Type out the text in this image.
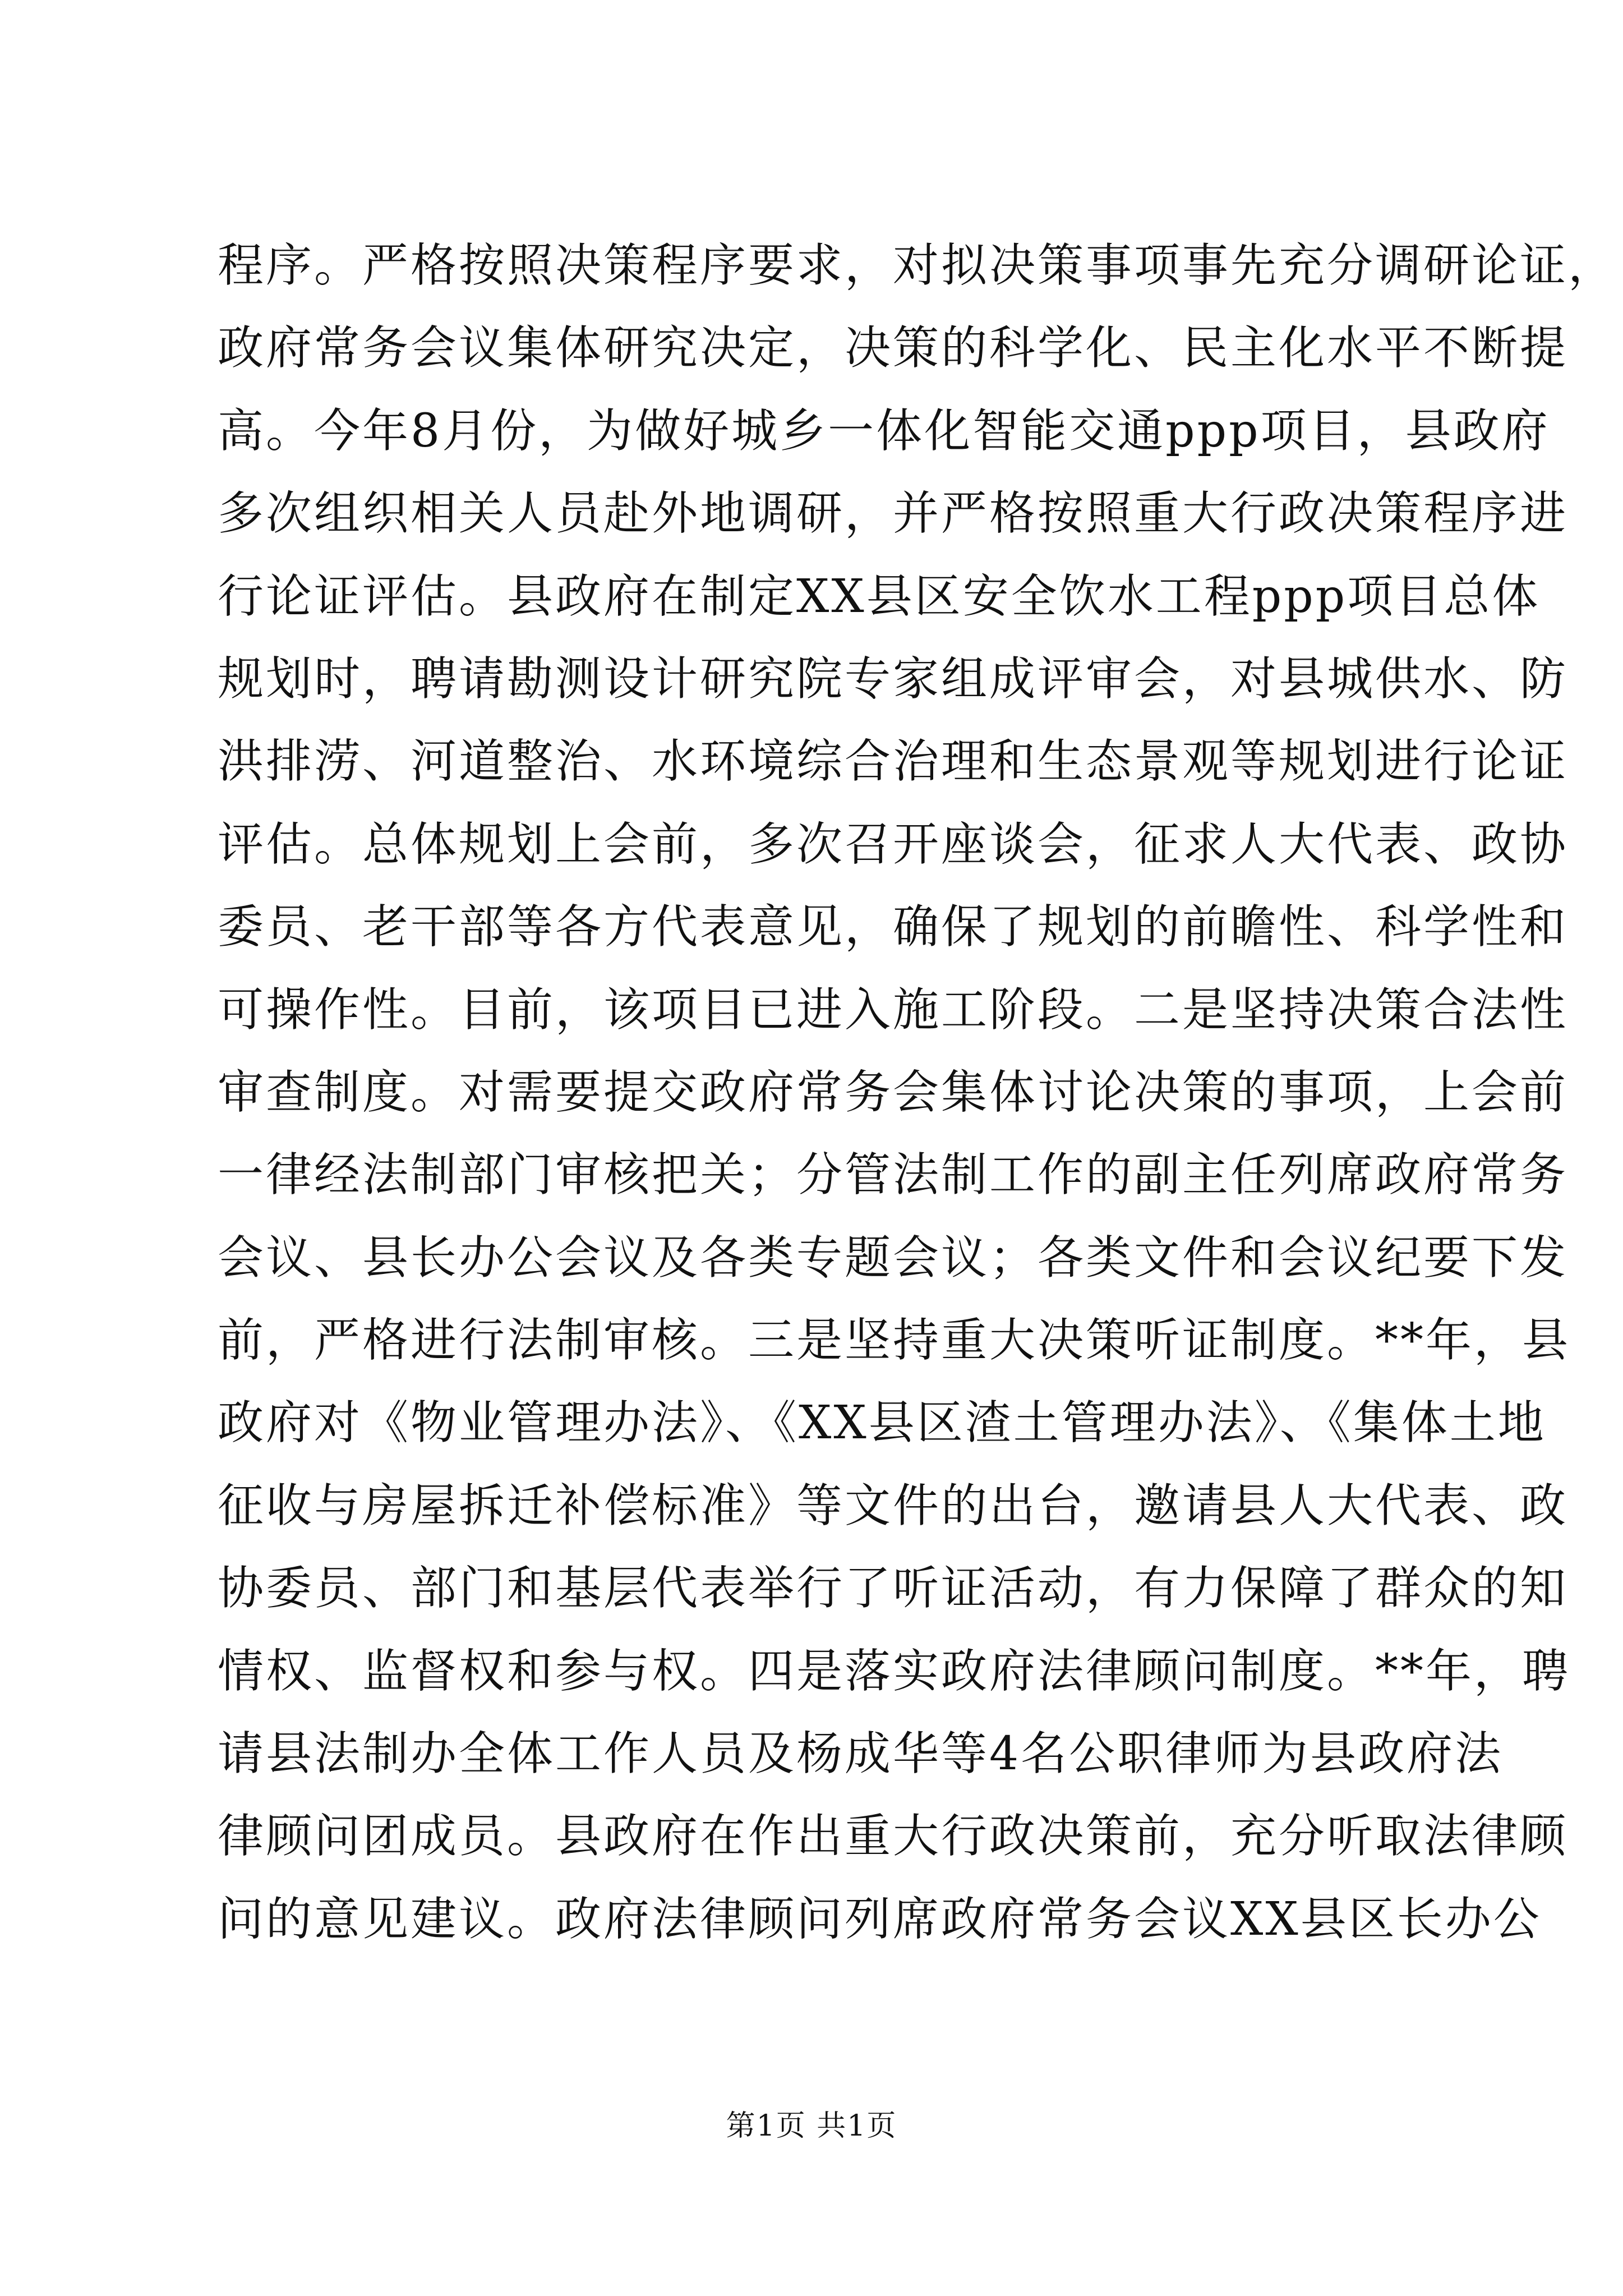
程序。严格按照决策程序要求，对拟决策事项事先充分调研论证，
政府常务会议集体研究决定，决策的科学化、民主化水平不断提
高。今年8月份，为做好城乡一体化智能交通ppp项目，县政府
多次组织相关人员赴外地调研，并严格按照重大行政决策程序进
行论证评估。县政府在制定XX县区安全饮水工程ppp项目总体
规划时，聘请勘测设计研究院专家组成评审会，对县城供水、防
洪排涝、河道整治、水环境综合治理和生态景观等规划进行论证
评估。总体规划上会前，多次召开座谈会，征求人大代表、政协
委员、老干部等各方代表意见，确保了规划的前瞻性、科学性和
可操作性。目前，该项目已进入施工阶段。二是坚持决策合法性
审查制度。对需要提交政府常务会集体讨论决策的事项，上会前
一律经法制部门审核把关；分管法制工作的副主任列席政府常务
会议、县长办公会议及各类专题会议；各类文件和会议纪要下发
前，严格进行法制审核。三是坚持重大决策听证制度。**年，县
政府对《物业管理办法》、《XX县区渣土管理办法》、《集体土地
征收与房屋拆迁补偿标准》等文件的出台，邀请县人大代表、政
协委员、部门和基层代表举行了听证活动，有力保障了群众的知
情权、监督权和参与权。四是落实政府法律顾问制度。**年，聘
请县法制办全体工作人员及杨成华等4名公职律师为县政府法
律顾问团成员。县政府在作出重大行政决策前，充分听取法律顾
问的意见建议。政府法律顾问列席政府常务会议XX县区长办公
第1页 共1页
